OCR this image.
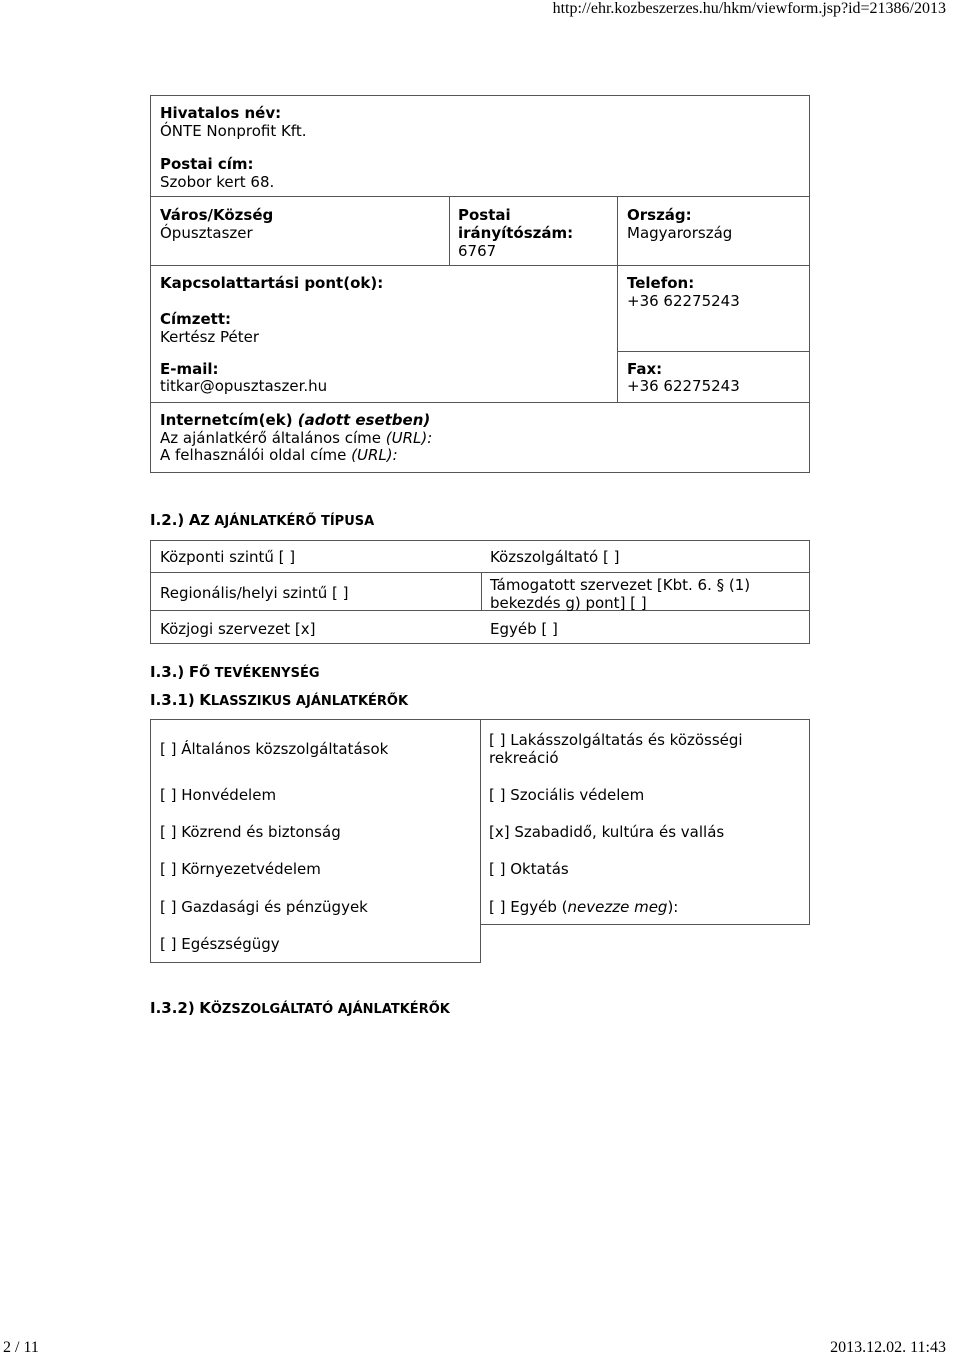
http://ehr.kozbeszerzes.hu/hkm/viewform.jsp?id=21386/2013
2 / 11	2013.12.02. 11:43
Hivatalos név:
ÓNTE Nonprofit Kft.
Postai cím:
Szobor kert 68.
Város/Község
Ópusztaszer
Postai
irányítószám:
6767
Ország:
Magyarország
Kapcsolattartási pont(ok):
Címzett:
Kertész Péter
Telefon:
+36 62275243
E-mail:
titkar@opusztaszer.hu
Fax:
+36 62275243
Internetcím(ek) (adott esetben)
Az ajánlatkérő általános címe (URL):
A felhasználói oldal címe (URL):
I.2.) AZ AJÁNLATKÉRŐ TÍPUSA
Központi szintű [ ]	Közszolgáltató [ ]
Regionális/helyi szintű [ ]	Támogatott szervezet [Kbt. 6. § (1)
bekezdés g) pont] [ ]
Közjogi szervezet [x]	Egyéb [ ]
I.3.) FŐ TEVÉKENYSÉG
I.3.1) KLASSZIKUS AJÁNLATKÉRŐK
[ ] Általános közszolgáltatások
[ ] Honvédelem
[ ] Közrend és biztonság
[ ] Környezetvédelem
[ ] Gazdasági és pénzügyek
[ ] Egészségügy
[ ] Lakásszolgáltatás és közösségi
rekreáció
[ ] Szociális védelem
[x] Szabadidő, kultúra és vallás
[ ] Oktatás
[ ] Egyéb (nevezze meg):
I.3.2) KÖZSZOLGÁLTATÓ AJÁNLATKÉRŐK
